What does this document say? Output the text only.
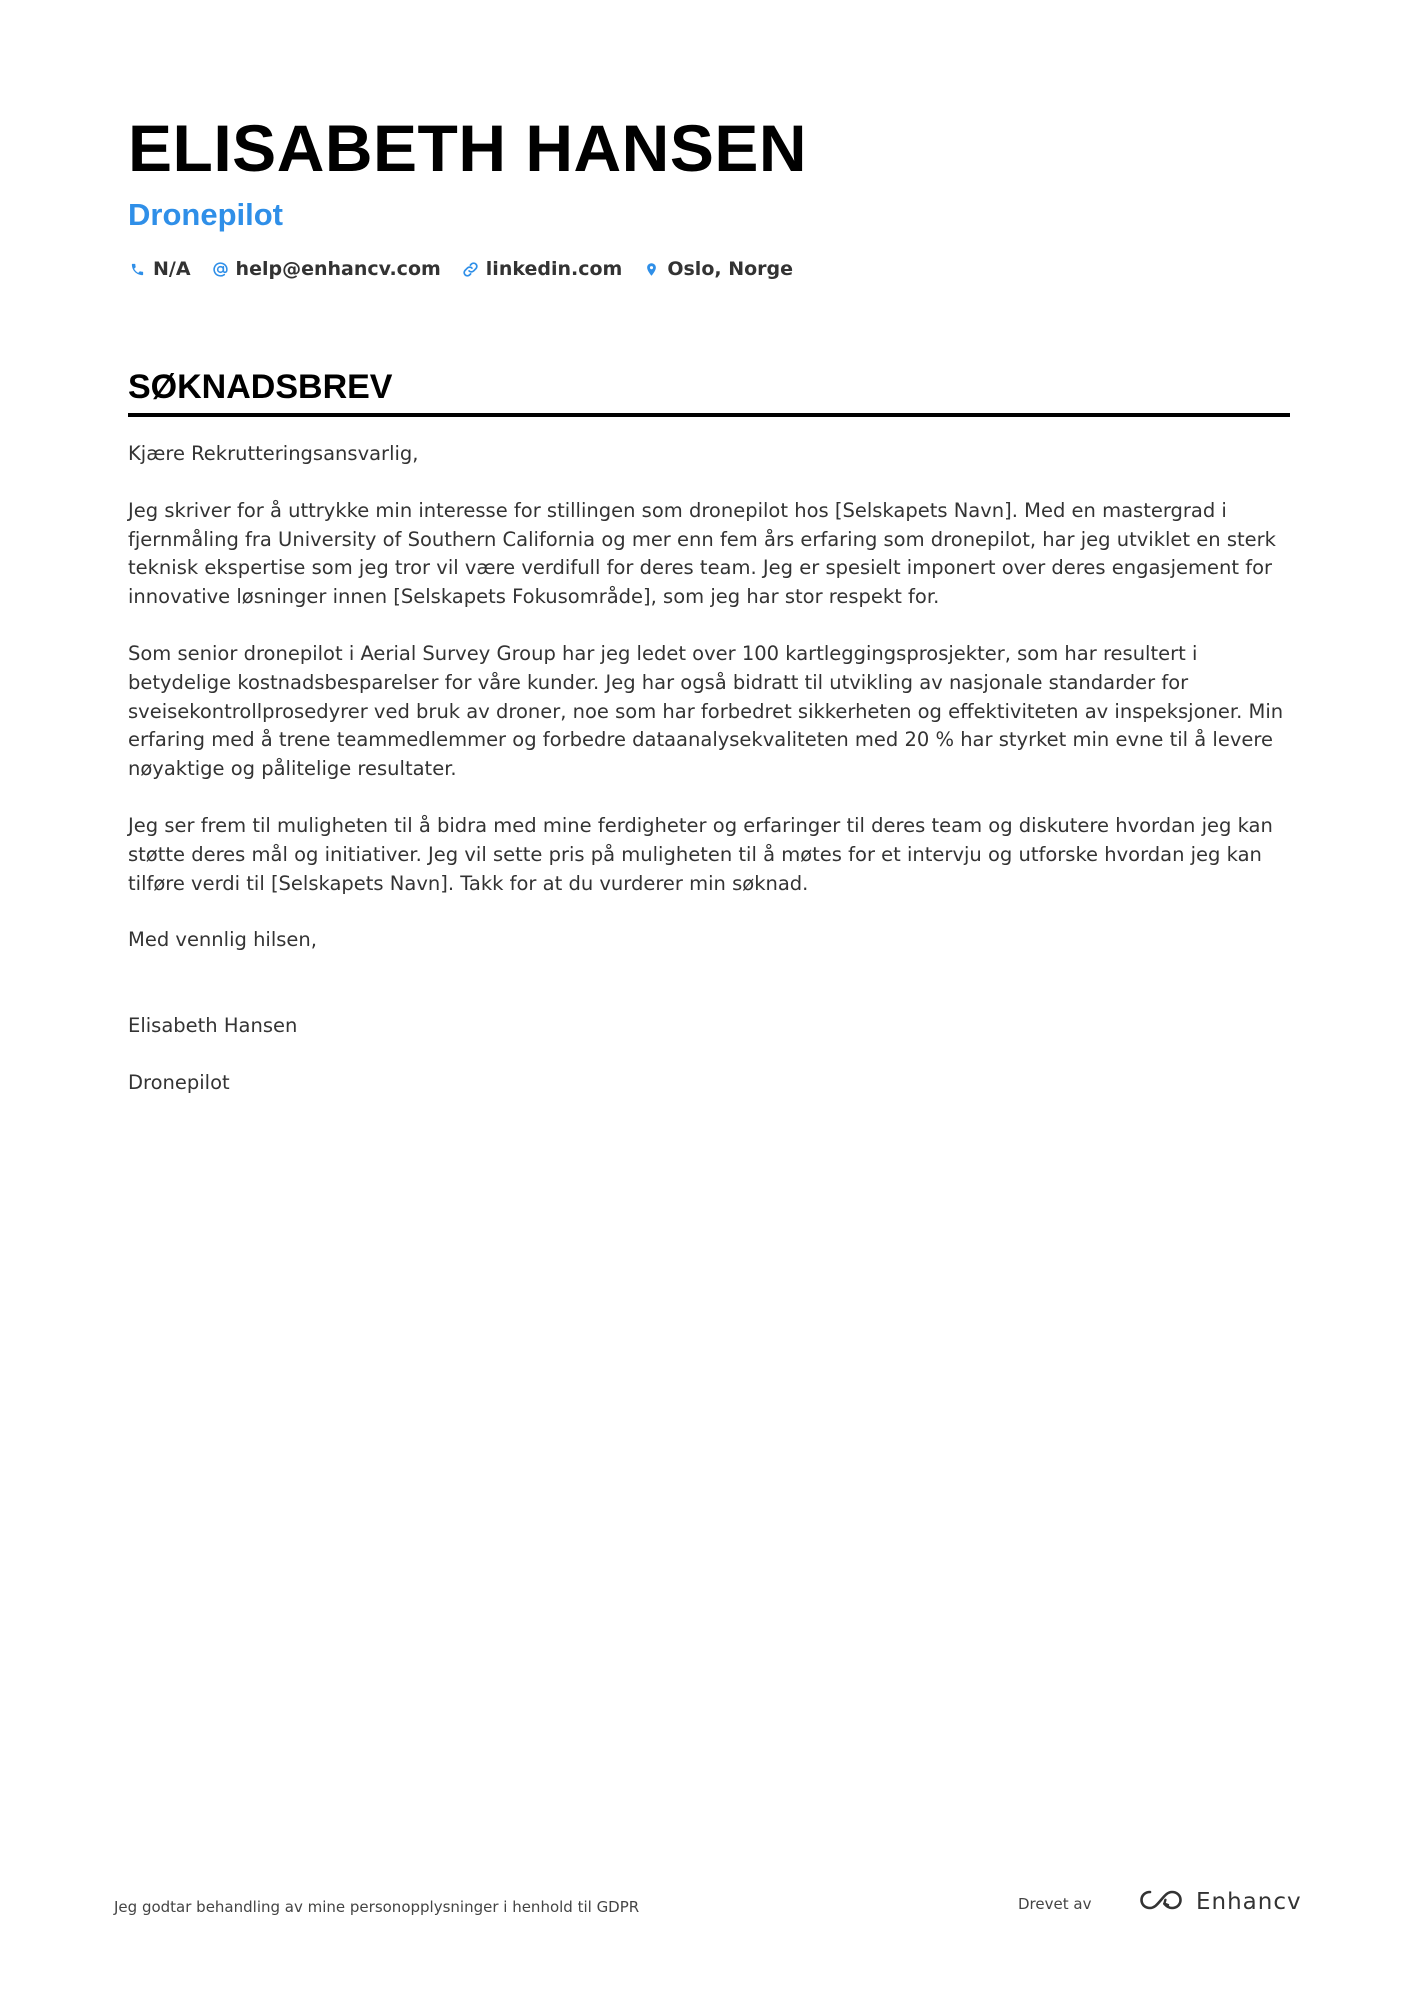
ELISABETH HANSEN
Dronepilot
N/A help@enhancv.com linkedin.com Oslo, Norge
SØKNADSBREV

Kjære Rekrutteringsansvarlig,

Jeg skriver for å uttrykke min interesse for stillingen som dronepilot hos [Selskapets Navn]. Med en mastergrad i fjernmåling fra University of Southern California og mer enn fem års erfaring som dronepilot, har jeg utviklet en sterk teknisk ekspertise som jeg tror vil være verdifull for deres team. Jeg er spesielt imponert over deres engasjement for innovative løsninger innen [Selskapets Fokusområde], som jeg har stor respekt for.

Som senior dronepilot i Aerial Survey Group har jeg ledet over 100 kartleggingsprosjekter, som har resultert i betydelige kostnadsbesparelser for våre kunder. Jeg har også bidratt til utvikling av nasjonale standarder for sveisekontrollprosedyrer ved bruk av droner, noe som har forbedret sikkerheten og effektiviteten av inspeksjoner. Min erfaring med å trene teammedlemmer og forbedre dataanalysekvaliteten med 20 % har styrket min evne til å levere nøyaktige og pålitelige resultater.

Jeg ser frem til muligheten til å bidra med mine ferdigheter og erfaringer til deres team og diskutere hvordan jeg kan støtte deres mål og initiativer. Jeg vil sette pris på muligheten til å møtes for et intervju og utforske hvordan jeg kan tilføre verdi til [Selskapets Navn]. Takk for at du vurderer min søknad.

Med vennlig hilsen,

Elisabeth Hansen

Dronepilot

Jeg godtar behandling av mine personopplysninger i henhold til GDPR	Drevet av	Enhancv
